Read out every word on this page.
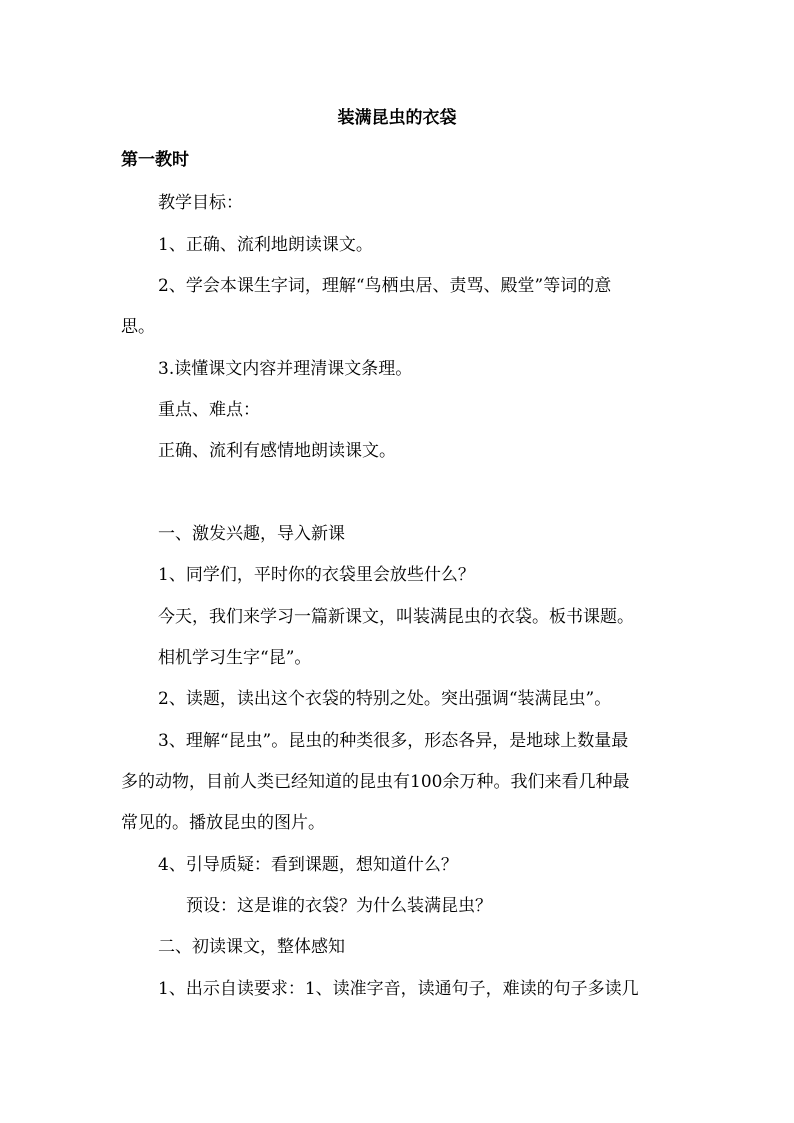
装满昆虫的衣袋
第一教时
教学目标：
1、正确、流利地朗读课文。
2、学会本课生字词，理解“鸟栖虫居、责骂、殿堂”等词的意
思。
3.读懂课文内容并理清课文条理。
重点、难点：
正确、流利有感情地朗读课文。
一、激发兴趣，导入新课
1、同学们，平时你的衣袋里会放些什么？
今天，我们来学习一篇新课文，叫装满昆虫的衣袋。板书课题。
相机学习生字“昆”。
2、读题，读出这个衣袋的特别之处。突出强调“装满昆虫”。
3、理解“昆虫”。昆虫的种类很多，形态各异，是地球上数量最
多的动物，目前人类已经知道的昆虫有100余万种。我们来看几种最
常见的。播放昆虫的图片。
4、引导质疑：看到课题，想知道什么？
预设：这是谁的衣袋？为什么装满昆虫？
二、初读课文，整体感知
1、出示自读要求：1、读准字音，读通句子，难读的句子多读几
